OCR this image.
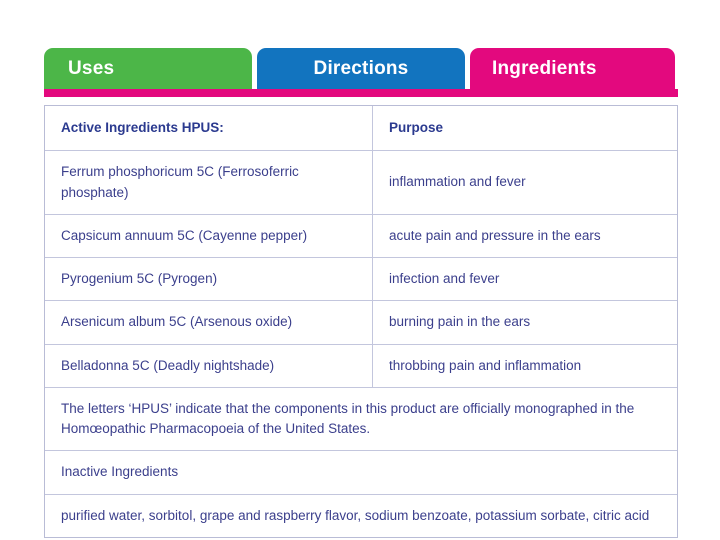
Uses	Directions	Ingredients
Active Ingredients HPUS:	Purpose
Ferrum phosphoricum 5C (Ferrosoferric phosphate)	inflammation and fever
Capsicum annuum 5C (Cayenne pepper)	acute pain and pressure in the ears
Pyrogenium 5C (Pyrogen)	infection and fever
Arsenicum album 5C (Arsenous oxide)	burning pain in the ears
Belladonna 5C (Deadly nightshade)	throbbing pain and inflammation
The letters ‘HPUS’ indicate that the components in this product are officially monographed in the Homœopathic Pharmacopoeia of the United States.	
Inactive Ingredients	
purified water, sorbitol, grape and raspberry flavor, sodium benzoate, potassium sorbate, citric acid	
